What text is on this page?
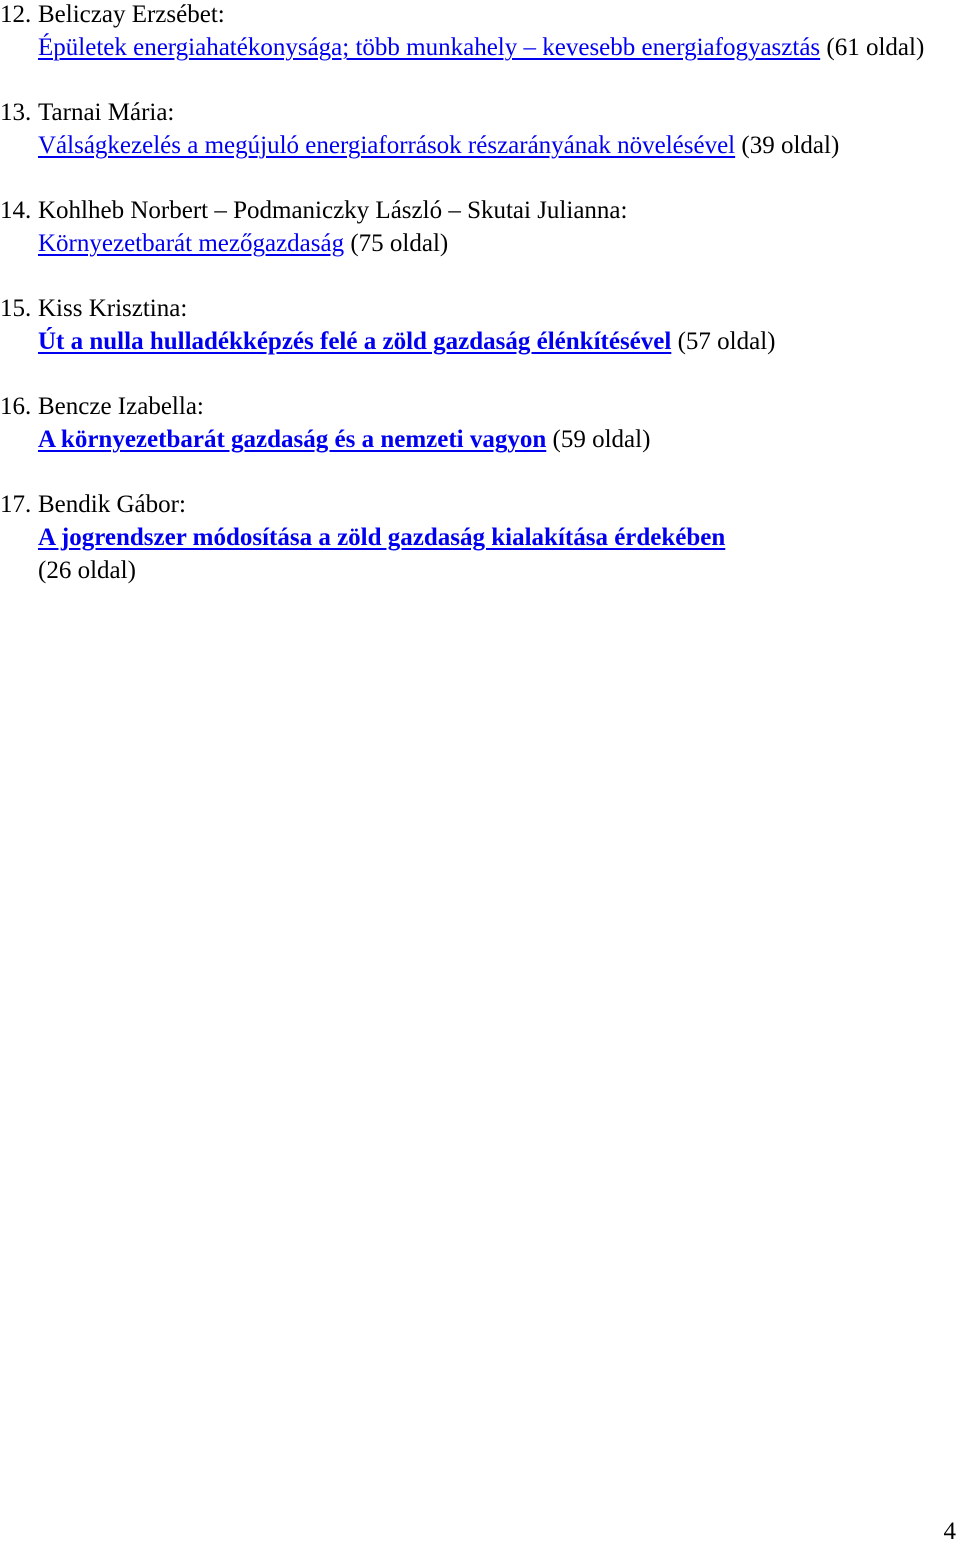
12. Beliczay Erzsébet:
Épületek energiahatékonysága; több munkahely – kevesebb energiafogyasztás (61 oldal)
13. Tarnai Mária:
Válságkezelés a megújuló energiaforrások részarányának növelésével (39 oldal)
14. Kohlheb Norbert – Podmaniczky László – Skutai Julianna:
Környezetbarát mezőgazdaság (75 oldal)
15. Kiss Krisztina:
Út a nulla hulladékképzés felé a zöld gazdaság élénkítésével (57 oldal)
16. Bencze Izabella:
A környezetbarát gazdaság és a nemzeti vagyon (59 oldal)
17. Bendik Gábor:
A jogrendszer módosítása a zöld gazdaság kialakítása érdekében
(26 oldal)
4
